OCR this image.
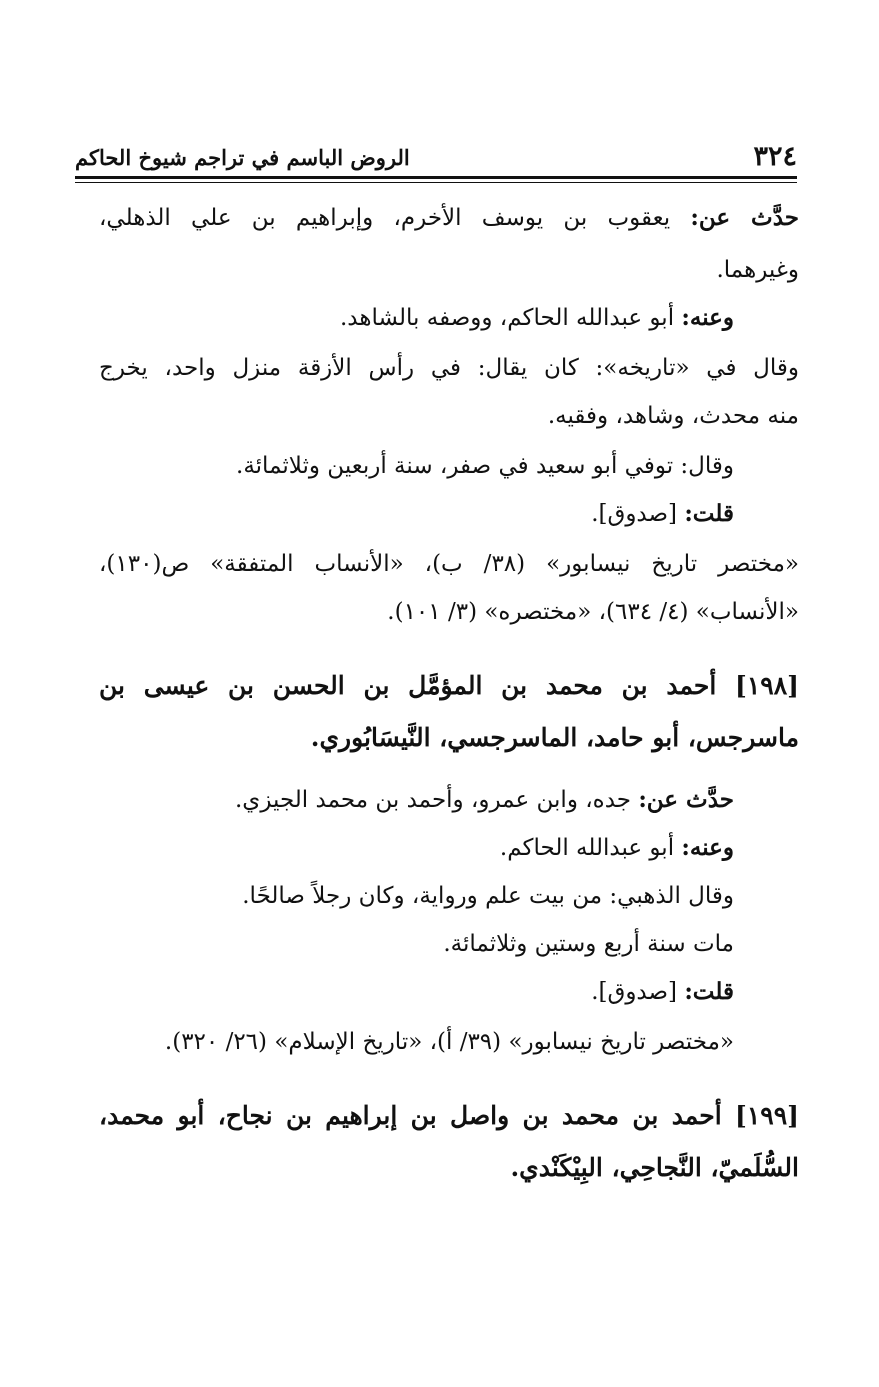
٣٢٤
الروض الباسم في تراجم شيوخ الحاكم
حدَّث عن: يعقوب بن يوسف الأخرم، وإبراهيم بن علي الذهلي،
وغيرهما.
وعنه: أبو عبدالله الحاكم، ووصفه بالشاهد.
وقال في «تاريخه»: كان يقال: في رأس الأزقة منزل واحد، يخرج
منه محدث، وشاهد، وفقيه.
وقال: توفي أبو سعيد في صفر، سنة أربعين وثلاثمائة.
قلت: [صدوق].
«مختصر تاريخ نيسابور» (٣٨/ ب)، «الأنساب المتفقة» ص(١٣٠)،
«الأنساب» (٤/ ٦٣٤)، «مختصره» (٣/ ١٠١).
[١٩٨] أحمد بن محمد بن المؤمَّل بن الحسن بن عيسى بن
ماسرجس، أبو حامد، الماسرجسي، النَّيسَابُوري.
حدَّث عن: جده، وابن عمرو، وأحمد بن محمد الجيزي.
وعنه: أبو عبدالله الحاكم.
وقال الذهبي: من بيت علم ورواية، وكان رجلاً صالحًا.
مات سنة أربع وستين وثلاثمائة.
قلت: [صدوق].
«مختصر تاريخ نيسابور» (٣٩/ أ)، «تاريخ الإسلام» (٢٦/ ٣٢٠).
[١٩٩] أحمد بن محمد بن واصل بن إبراهيم بن نجاح، أبو محمد،
السُّلَميّ، النَّجاحِي، البِيْكَنْدي.
